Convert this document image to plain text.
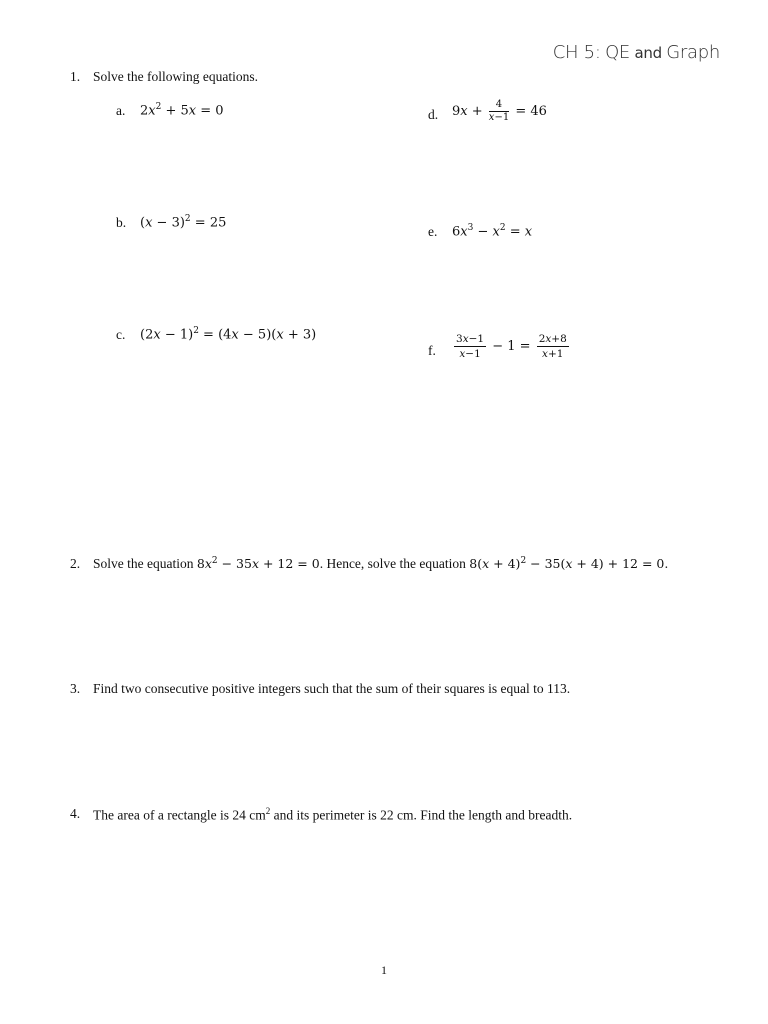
CH 5: QE and Graph
1. Solve the following equations.
a. $2x^2 + 5x = 0$
b. $(x - 3)^2 = 25$
c. $(2x - 1)^2 = (4x - 5)(x + 3)$
d. $9x + \frac{4}{x-1} = 46$
e. $6x^3 - x^2 = x$
f. $\frac{3x-1}{x-1} - 1 = \frac{2x+8}{x+1}$
2. Solve the equation $8x^2 - 35x + 12 = 0$. Hence, solve the equation $8(x + 4)^2 - 35(x + 4) + 12 = 0$.
3. Find two consecutive positive integers such that the sum of their squares is equal to 113.
4. The area of a rectangle is 24 $cm^2$ and its perimeter is 22 cm. Find the length and breadth.
1
